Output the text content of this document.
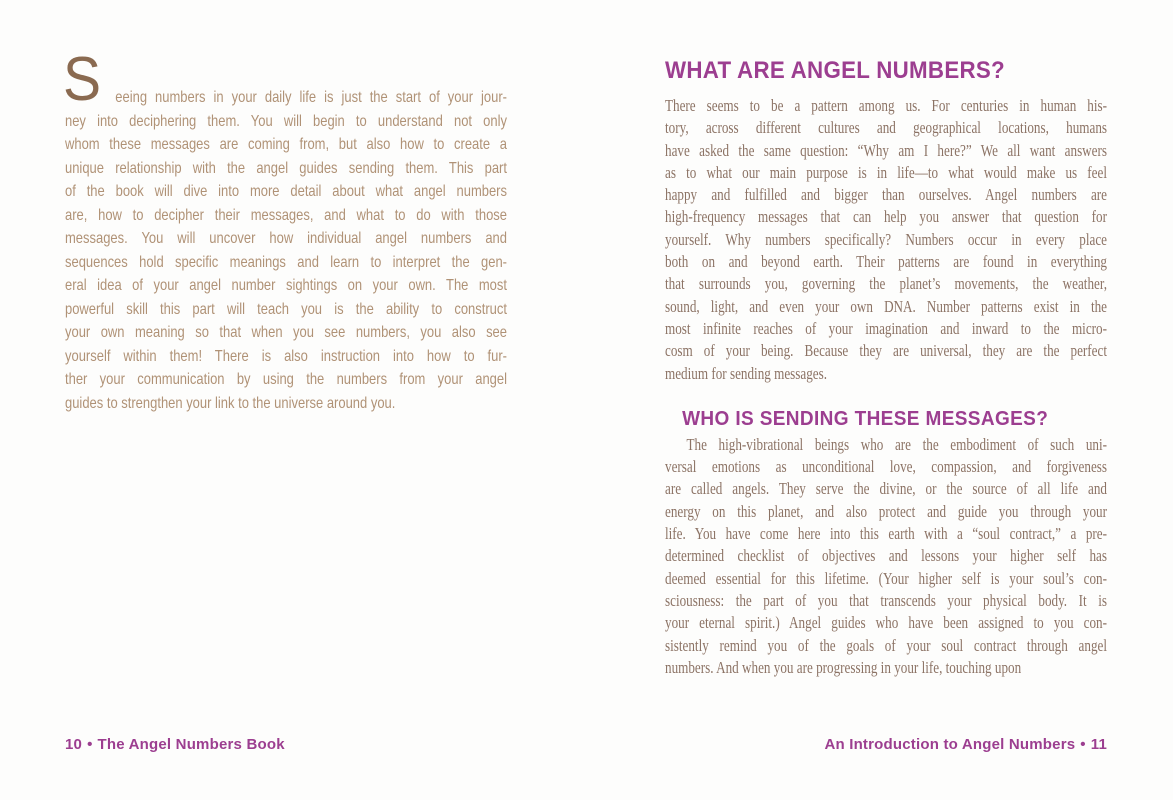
S eeing numbers in your daily life is just the start of your jour-
ney into deciphering them. You will begin to understand not only
whom these messages are coming from, but also how to create a
unique relationship with the angel guides sending them. This part
of the book will dive into more detail about what angel numbers
are, how to decipher their messages, and what to do with those
messages. You will uncover how individual angel numbers and
sequences hold specific meanings and learn to interpret the gen-
eral idea of your angel number sightings on your own. The most
powerful skill this part will teach you is the ability to construct
your own meaning so that when you see numbers, you also see
yourself within them! There is also instruction into how to fur-
ther your communication by using the numbers from your angel
guides to strengthen your link to the universe around you.
10 • The Angel Numbers Book
WHAT ARE ANGEL NUMBERS?
There seems to be a pattern among us. For centuries in human his-
tory, across different cultures and geographical locations, humans
have asked the same question: “Why am I here?” We all want answers
as to what our main purpose is in life—to what would make us feel
happy and fulfilled and bigger than ourselves. Angel numbers are
high-frequency messages that can help you answer that question for
yourself. Why numbers specifically? Numbers occur in every place
both on and beyond earth. Their patterns are found in everything
that surrounds you, governing the planet’s movements, the weather,
sound, light, and even your own DNA. Number patterns exist in the
most infinite reaches of your imagination and inward to the micro-
cosm of your being. Because they are universal, they are the perfect
medium for sending messages.
WHO IS SENDING THESE MESSAGES?
The high-vibrational beings who are the embodiment of such uni-
versal emotions as unconditional love, compassion, and forgiveness
are called angels. They serve the divine, or the source of all life and
energy on this planet, and also protect and guide you through your
life. You have come here into this earth with a “soul contract,” a pre-
determined checklist of objectives and lessons your higher self has
deemed essential for this lifetime. (Your higher self is your soul’s con-
sciousness: the part of you that transcends your physical body. It is
your eternal spirit.) Angel guides who have been assigned to you con-
sistently remind you of the goals of your soul contract through angel
numbers. And when you are progressing in your life, touching upon
An Introduction to Angel Numbers • 11
